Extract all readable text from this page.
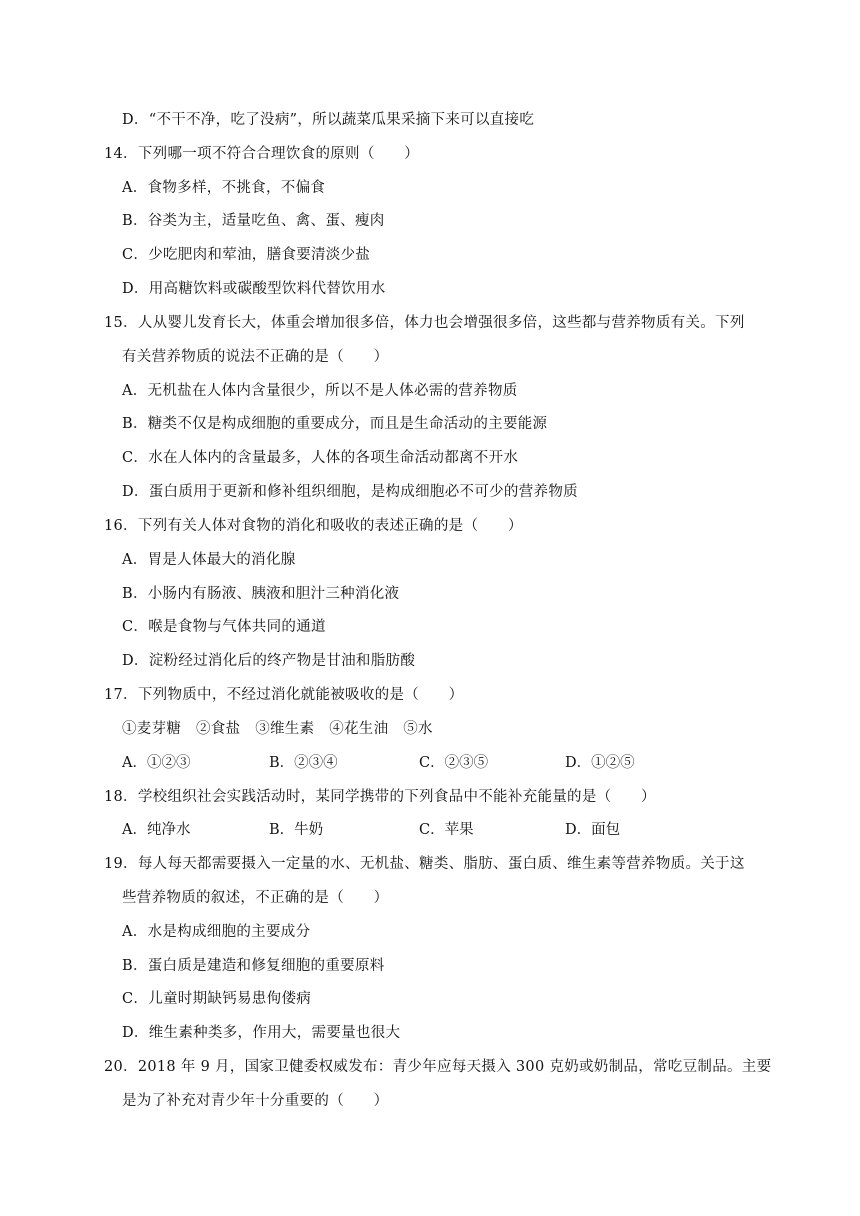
D．“不干不净，吃了没病”，所以蔬菜瓜果采摘下来可以直接吃
14．下列哪一项不符合合理饮食的原则（　　）
A．食物多样，不挑食，不偏食
B．谷类为主，适量吃鱼、禽、蛋、瘦肉
C．少吃肥肉和荤油，膳食要清淡少盐
D．用高糖饮料或碳酸型饮料代替饮用水
15．人从婴儿发育长大，体重会增加很多倍，体力也会增强很多倍，这些都与营养物质有关。下列
有关营养物质的说法不正确的是（　　）
A．无机盐在人体内含量很少，所以不是人体必需的营养物质
B．糖类不仅是构成细胞的重要成分，而且是生命活动的主要能源
C．水在人体内的含量最多，人体的各项生命活动都离不开水
D．蛋白质用于更新和修补组织细胞，是构成细胞必不可少的营养物质
16．下列有关人体对食物的消化和吸收的表述正确的是（　　）
A．胃是人体最大的消化腺
B．小肠内有肠液、胰液和胆汁三种消化液
C．喉是食物与气体共同的通道
D．淀粉经过消化后的终产物是甘油和脂肪酸
17．下列物质中，不经过消化就能被吸收的是（　　）
①麦芽糖　②食盐　③维生素　④花生油　⑤水
A．①②③	B．②③④	C．②③⑤	D．①②⑤
18．学校组织社会实践活动时，某同学携带的下列食品中不能补充能量的是（　　）
A．纯净水	B．牛奶	C．苹果	D．面包
19．每人每天都需要摄入一定量的水、无机盐、糖类、脂肪、蛋白质、维生素等营养物质。关于这
些营养物质的叙述，不正确的是（　　）
A．水是构成细胞的主要成分
B．蛋白质是建造和修复细胞的重要原料
C．儿童时期缺钙易患佝偻病
D．维生素种类多，作用大，需要量也很大
20．2018 年 9 月，国家卫健委权威发布：青少年应每天摄入 300 克奶或奶制品，常吃豆制品。主要
是为了补充对青少年十分重要的（　　）
